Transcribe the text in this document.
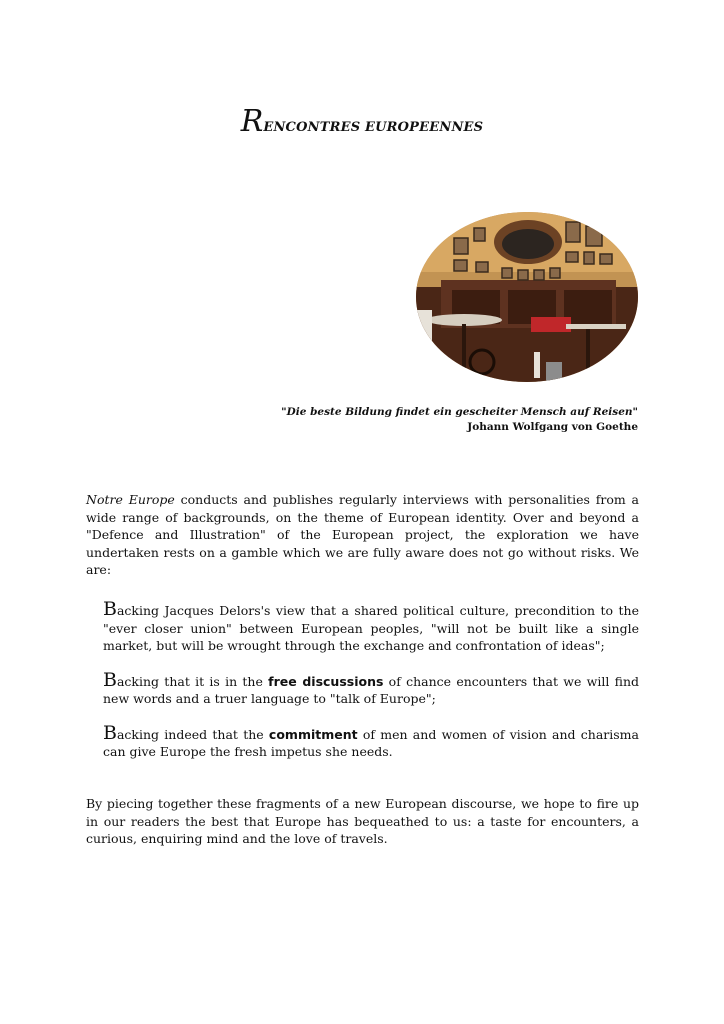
RENCONTRES EUROPEENNES
"Die beste Bildung findet ein gescheiter Mensch auf Reisen"
Johann Wolfgang von Goethe

Notre Europe conducts and publishes regularly interviews with personalities from a wide range of backgrounds, on the theme of European identity. Over and beyond a "Defence and Illustration" of the European project, the exploration we have undertaken rests on a gamble which we are fully aware does not go without risks. We are:

Backing Jacques Delors's view that a shared political culture, precondition to the "ever closer union" between European peoples, "will not be built like a single market, but will be wrought through the exchange and confrontation of ideas";
Backing that it is in the free discussions of chance encounters that we will find new words and a truer language to "talk of Europe";
Backing indeed that the commitment of men and women of vision and charisma can give Europe the fresh impetus she needs.

By piecing together these fragments of a new European discourse, we hope to fire up in our readers the best that Europe has bequeathed to us: a taste for encounters, a curious, enquiring mind and the love of travels.
